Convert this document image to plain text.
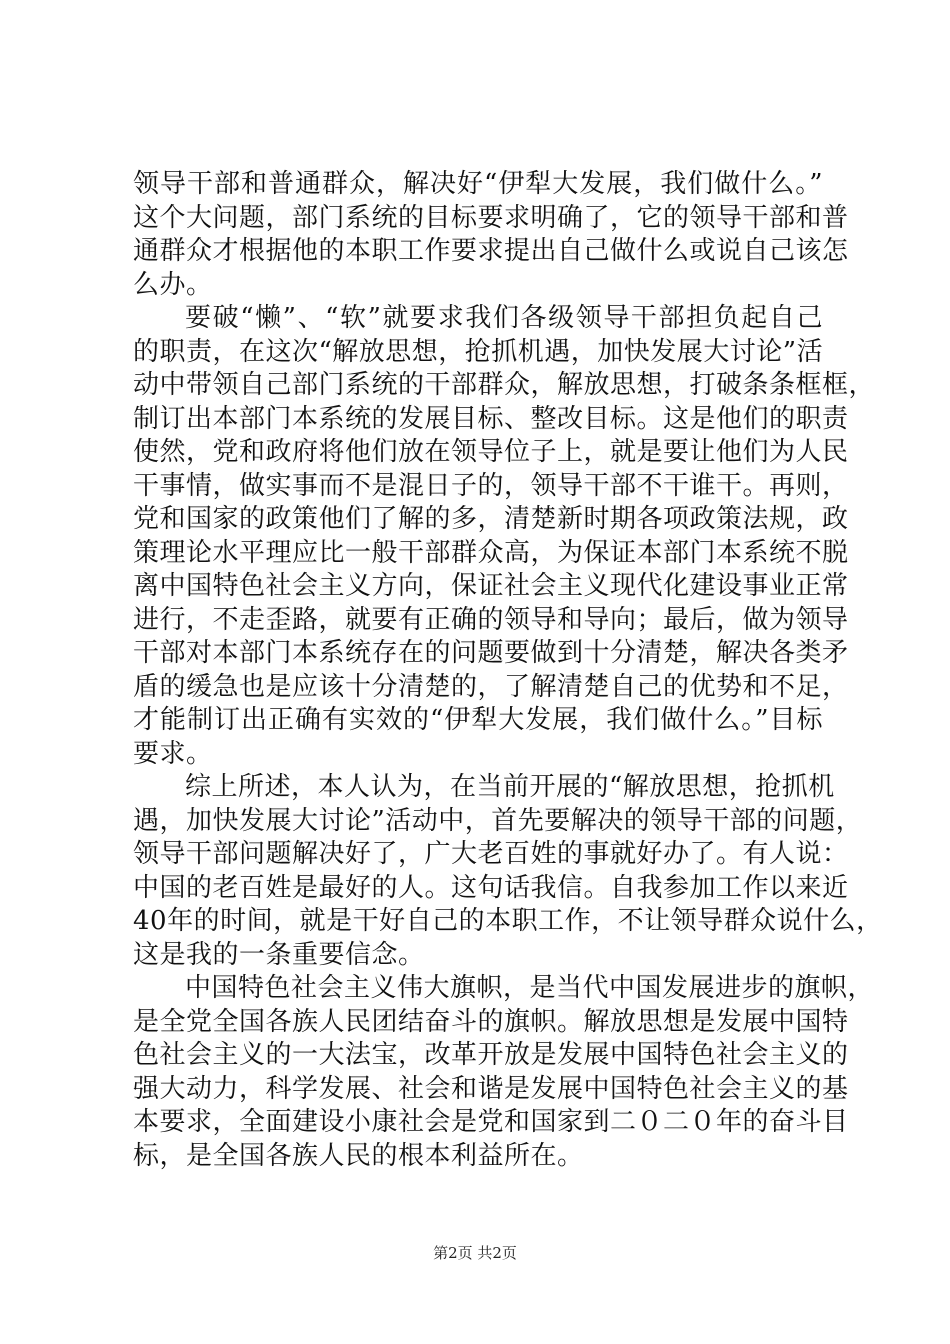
领导干部和普通群众，解决好“伊犁大发展，我们做什么。”
这个大问题，部门系统的目标要求明确了，它的领导干部和普
通群众才根据他的本职工作要求提出自己做什么或说自己该怎
么办。
要破“懒”、“软”就要求我们各级领导干部担负起自己
的职责，在这次“解放思想，抢抓机遇，加快发展大讨论”活
动中带领自己部门系统的干部群众，解放思想，打破条条框框，
制订出本部门本系统的发展目标、整改目标。这是他们的职责
使然，党和政府将他们放在领导位子上，就是要让他们为人民
干事情，做实事而不是混日子的，领导干部不干谁干。再则，
党和国家的政策他们了解的多，清楚新时期各项政策法规，政
策理论水平理应比一般干部群众高，为保证本部门本系统不脱
离中国特色社会主义方向，保证社会主义现代化建设事业正常
进行，不走歪路，就要有正确的领导和导向；最后，做为领导
干部对本部门本系统存在的问题要做到十分清楚，解决各类矛
盾的缓急也是应该十分清楚的，了解清楚自己的优势和不足，
才能制订出正确有实效的“伊犁大发展，我们做什么。”目标
要求。
综上所述，本人认为，在当前开展的“解放思想，抢抓机
遇，加快发展大讨论”活动中，首先要解决的领导干部的问题，
领导干部问题解决好了，广大老百姓的事就好办了。有人说：
中国的老百姓是最好的人。这句话我信。自我参加工作以来近
40年的时间，就是干好自己的本职工作，不让领导群众说什么，
这是我的一条重要信念。
中国特色社会主义伟大旗帜，是当代中国发展进步的旗帜，
是全党全国各族人民团结奋斗的旗帜。解放思想是发展中国特
色社会主义的一大法宝，改革开放是发展中国特色社会主义的
强大动力，科学发展、社会和谐是发展中国特色社会主义的基
本要求，全面建设小康社会是党和国家到二０二０年的奋斗目
标，是全国各族人民的根本利益所在。
第2页 共2页
